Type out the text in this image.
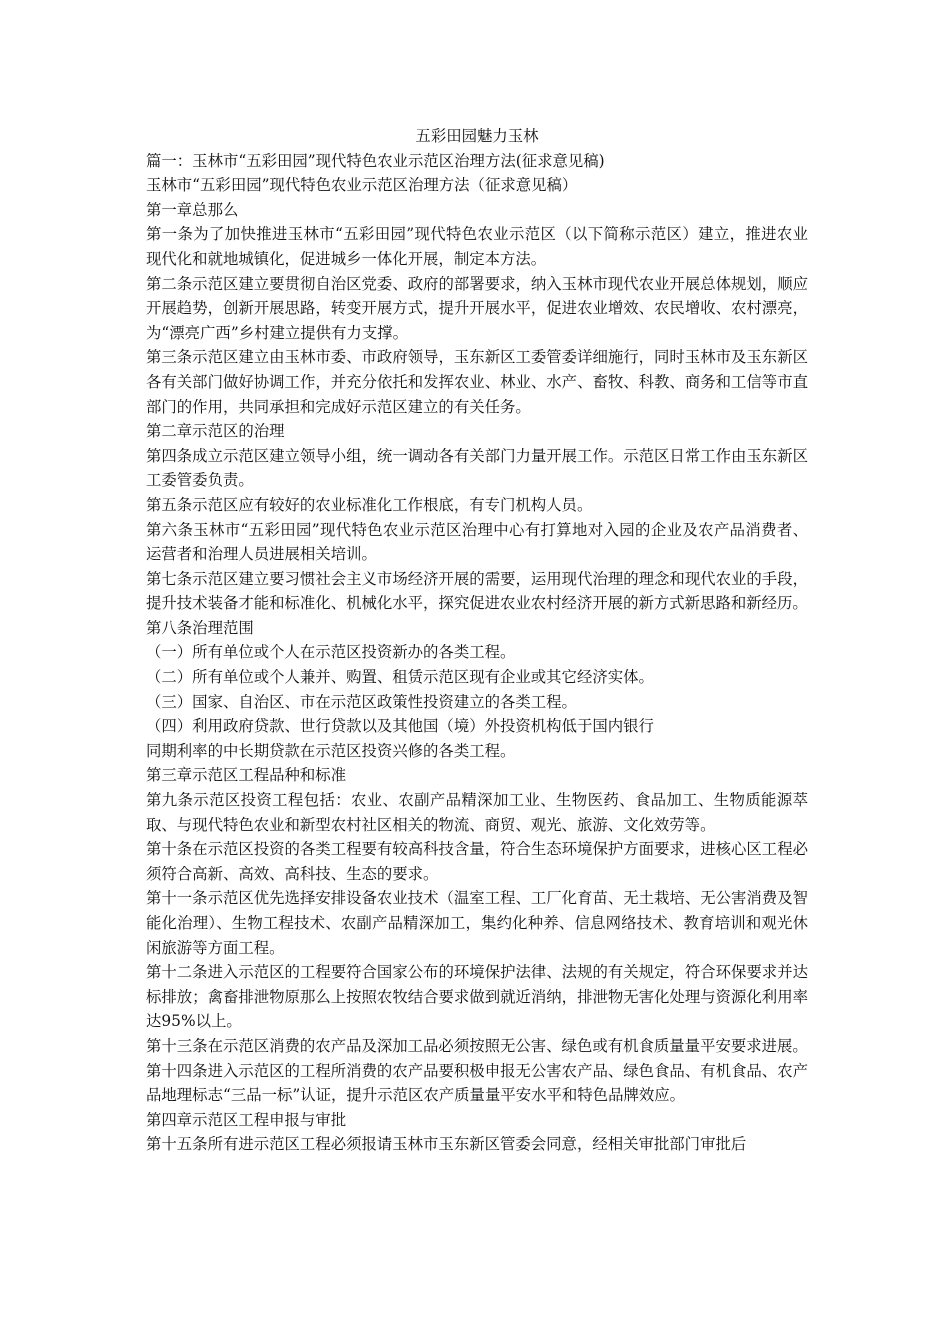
五彩田园魅力玉林

篇一：玉林市“五彩田园”现代特色农业示范区治理方法(征求意见稿)

玉林市“五彩田园”现代特色农业示范区治理方法（征求意见稿）

第一章总那么

第一条为了加快推进玉林市“五彩田园”现代特色农业示范区（以下简称示范区）建立，推进农业现代化和就地城镇化，促进城乡一体化开展，制定本方法。

第二条示范区建立要贯彻自治区党委、政府的部署要求，纳入玉林市现代农业开展总体规划，顺应开展趋势，创新开展思路，转变开展方式，提升开展水平，促进农业增效、农民增收、农村漂亮，为“漂亮广西”乡村建立提供有力支撑。

第三条示范区建立由玉林市委、市政府领导，玉东新区工委管委详细施行，同时玉林市及玉东新区各有关部门做好协调工作，并充分依托和发挥农业、林业、水产、畜牧、科教、商务和工信等市直部门的作用，共同承担和完成好示范区建立的有关任务。

第二章示范区的治理

第四条成立示范区建立领导小组，统一调动各有关部门力量开展工作。示范区日常工作由玉东新区工委管委负责。

第五条示范区应有较好的农业标准化工作根底，有专门机构人员。

第六条玉林市“五彩田园”现代特色农业示范区治理中心有打算地对入园的企业及农产品消费者、运营者和治理人员进展相关培训。

第七条示范区建立要习惯社会主义市场经济开展的需要，运用现代治理的理念和现代农业的手段，提升技术装备才能和标准化、机械化水平，探究促进农业农村经济开展的新方式新思路和新经历。

第八条治理范围

（一）所有单位或个人在示范区投资新办的各类工程。

（二）所有单位或个人兼并、购置、租赁示范区现有企业或其它经济实体。

（三）国家、自治区、市在示范区政策性投资建立的各类工程。

（四）利用政府贷款、世行贷款以及其他国（境）外投资机构低于国内银行

同期利率的中长期贷款在示范区投资兴修的各类工程。

第三章示范区工程品种和标准

第九条示范区投资工程包括：农业、农副产品精深加工业、生物医药、食品加工、生物质能源萃取、与现代特色农业和新型农村社区相关的物流、商贸、观光、旅游、文化效劳等。

第十条在示范区投资的各类工程要有较高科技含量，符合生态环境保护方面要求，进核心区工程必须符合高新、高效、高科技、生态的要求。

第十一条示范区优先选择安排设备农业技术（温室工程、工厂化育苗、无土栽培、无公害消费及智能化治理）、生物工程技术、农副产品精深加工，集约化种养、信息网络技术、教育培训和观光休闲旅游等方面工程。

第十二条进入示范区的工程要符合国家公布的环境保护法律、法规的有关规定，符合环保要求并达标排放；禽畜排泄物原那么上按照农牧结合要求做到就近消纳，排泄物无害化处理与资源化利用率达95%以上。

第十三条在示范区消费的农产品及深加工品必须按照无公害、绿色或有机食质量量平安要求进展。

第十四条进入示范区的工程所消费的农产品要积极申报无公害农产品、绿色食品、有机食品、农产品地理标志“三品一标”认证，提升示范区农产质量量平安水平和特色品牌效应。

第四章示范区工程申报与审批

第十五条所有进示范区工程必须报请玉林市玉东新区管委会同意，经相关审批部门审批后
